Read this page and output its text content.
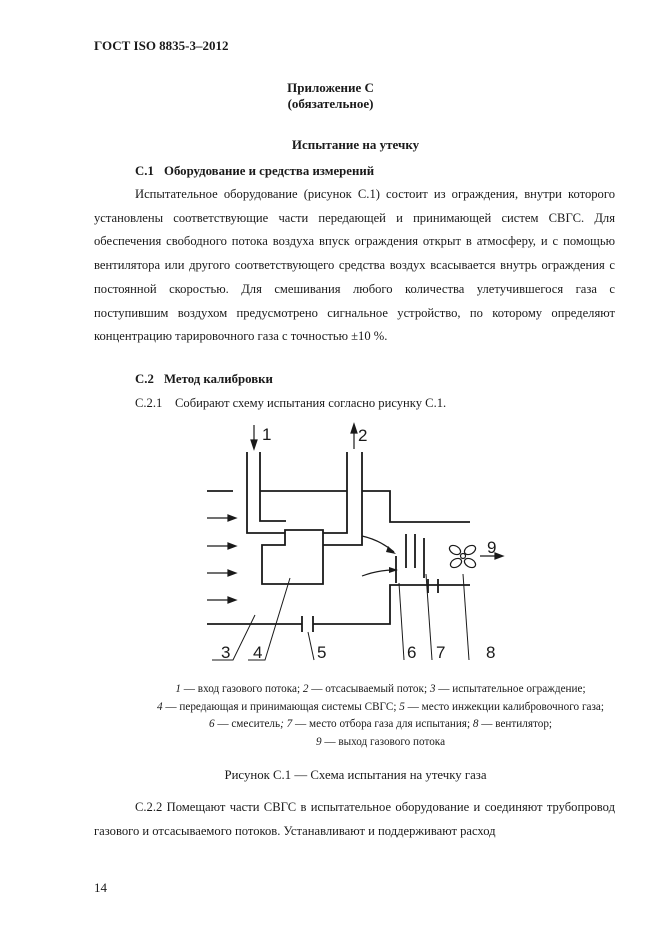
ГОСТ ISO 8835-3–2012
Приложение С
(обязательное)
Испытание на утечку
С.1 Оборудование и средства измерений
Испытательное оборудование (рисунок С.1) состоит из ограждения, внутри которого установлены соответствующие части передающей и принимающей систем СВГС. Для обеспечения свободного потока воздуха впуск ограждения открыт в атмосферу, и с помощью вентилятора или другого соответствующего средства воздух всасывается внутрь ограждения с постоянной скоростью. Для смешивания любого количества улетучившегося газа с поступившим воздухом предусмотрено сигнальное устройство, по которому определяют концентрацию тарировочного газа с точностью ±10 %.
С.2 Метод калибровки
С.2.1 Собирают схему испытания согласно рисунку С.1.
1	2
3 4	5	6 7 8
9
1 — вход газового потока; 2 — отсасываемый поток; 3 — испытательное ограждение;
4 — передающая и принимающая системы СВГС; 5 — место инжекции калибровочного газа;
6 — смеситель; 7 — место отбора газа для испытания; 8 — вентилятор;
9 — выход газового потока
Рисунок С.1 — Схема испытания на утечку газа
С.2.2 Помещают части СВГС в испытательное оборудование и соединяют трубопровод газового и отсасываемого потоков. Устанавливают и поддерживают расход
14
